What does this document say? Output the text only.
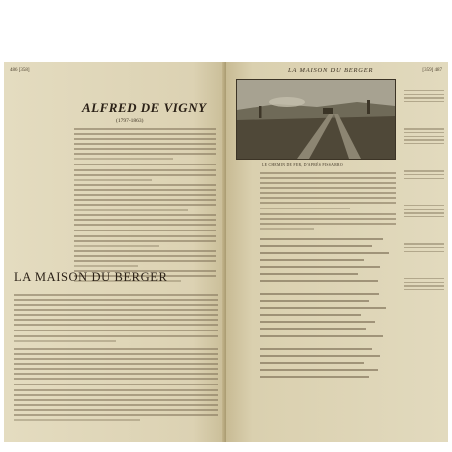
486 [358]
ALFRED DE VIGNY
(1797-1863)
LA MAISON DU BERGER
LA MAISON DU BERGER	[359] 487
LE CHEMIN DE FER, D'APRÈS PISSARRO
